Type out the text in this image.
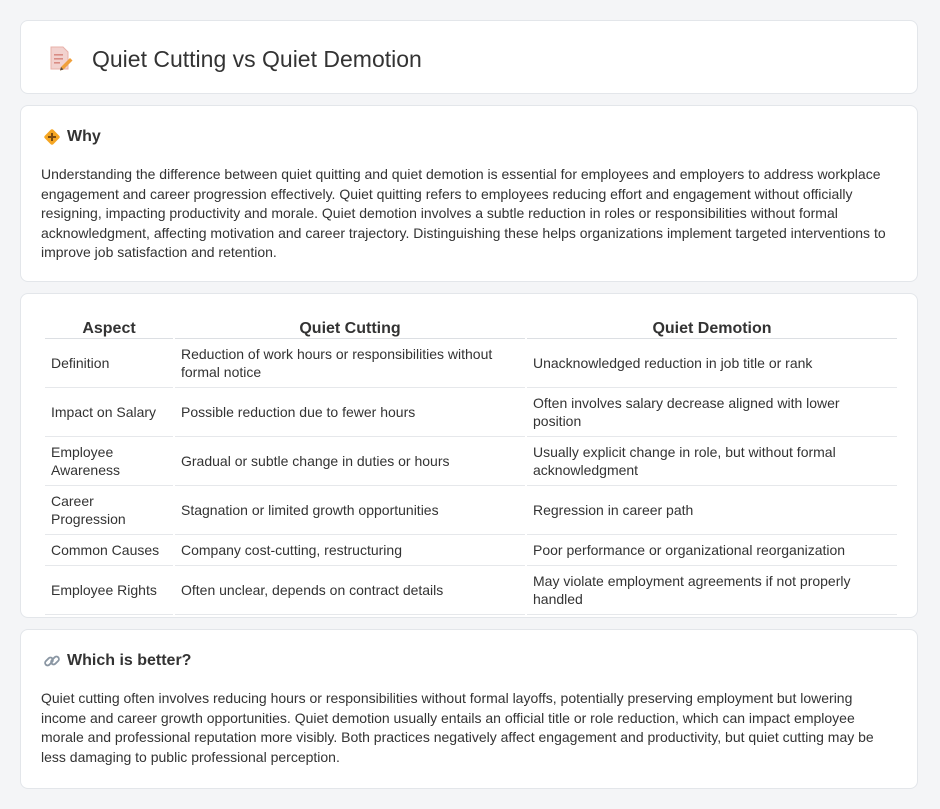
Quiet Cutting vs Quiet Demotion
Why

Understanding the difference between quiet quitting and quiet demotion is essential for employees and employers to address workplace engagement and career progression effectively. Quiet quitting refers to employees reducing effort and engagement without officially resigning, impacting productivity and morale. Quiet demotion involves a subtle reduction in roles or responsibilities without formal acknowledgment, affecting motivation and career trajectory. Distinguishing these helps organizations implement targeted interventions to improve job satisfaction and retention.

Aspect	Quiet Cutting	Quiet Demotion
Definition	Reduction of work hours or responsibilities without formal notice	Unacknowledged reduction in job title or rank
Impact on Salary	Possible reduction due to fewer hours	Often involves salary decrease aligned with lower position
Employee Awareness	Gradual or subtle change in duties or hours	Usually explicit change in role, but without formal acknowledgment
Career Progression	Stagnation or limited growth opportunities	Regression in career path
Common Causes	Company cost-cutting, restructuring	Poor performance or organizational reorganization
Employee Rights	Often unclear, depends on contract details	May violate employment agreements if not properly handled
Which is better?

Quiet cutting often involves reducing hours or responsibilities without formal layoffs, potentially preserving employment but lowering income and career growth opportunities. Quiet demotion usually entails an official title or role reduction, which can impact employee morale and professional reputation more visibly. Both practices negatively affect engagement and productivity, but quiet cutting may be less damaging to public professional perception.
